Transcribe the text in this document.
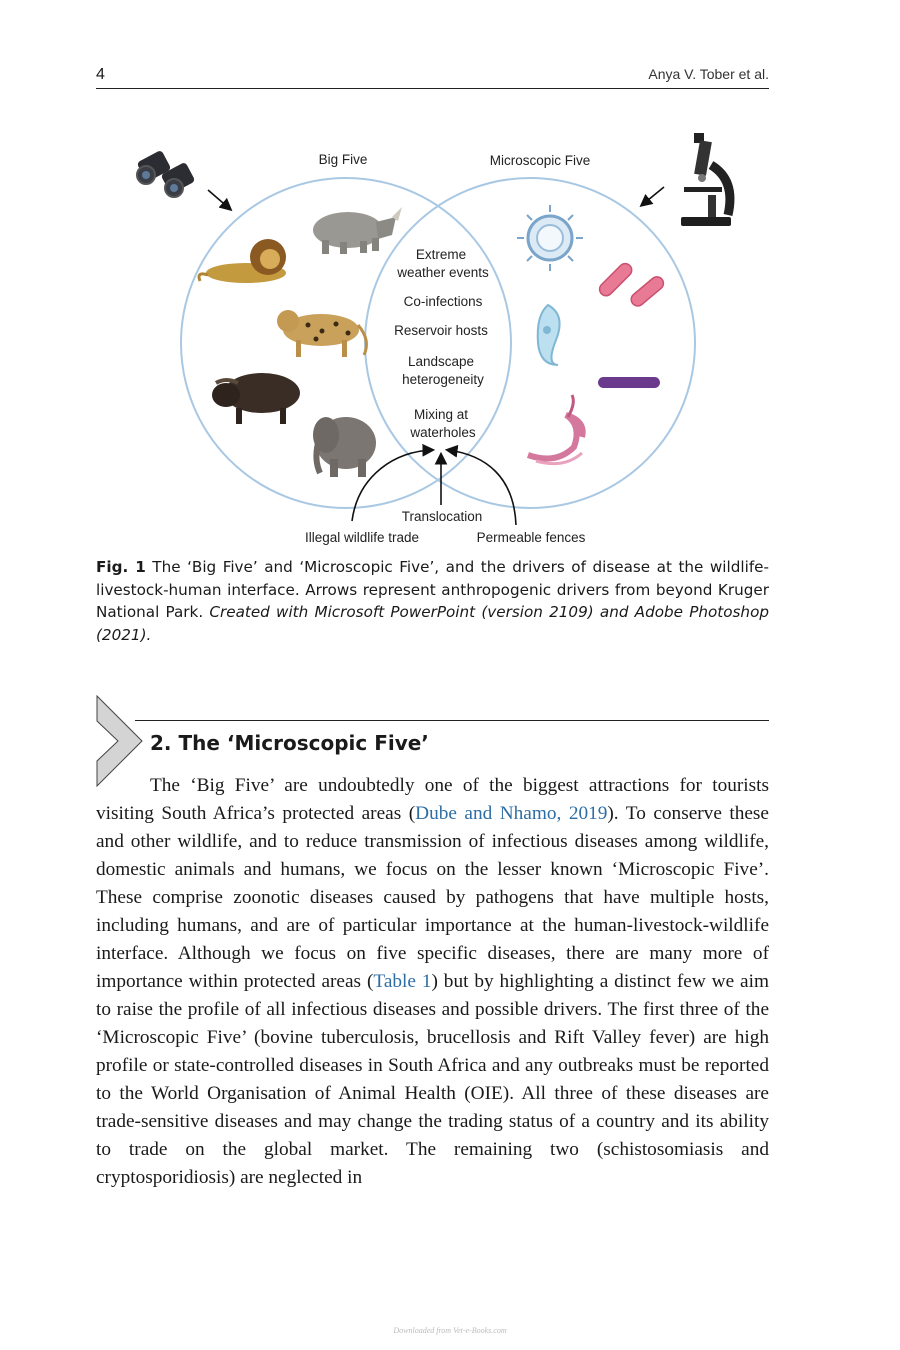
4	Anya V. Tober et al.
Big Five	Microscopic Five
Extreme
weather events
Co-infections
Reservoir hosts
Landscape
heterogeneity
Mixing at
waterholes
Translocation
Illegal wildlife trade	Permeable fences
Fig. 1 The ‘Big Five’ and ‘Microscopic Five’, and the drivers of disease at the wildlife-livestock-human interface. Arrows represent anthropogenic drivers from beyond Kruger National Park. Created with Microsoft PowerPoint (version 2109) and Adobe Photoshop (2021).
2. The ‘Microscopic Five’
The ‘Big Five’ are undoubtedly one of the biggest attractions for tourists visiting South Africa’s protected areas (Dube and Nhamo, 2019). To conserve these and other wildlife, and to reduce transmission of infectious diseases among wildlife, domestic animals and humans, we focus on the lesser known ‘Microscopic Five’. These comprise zoonotic diseases caused by pathogens that have multiple hosts, including humans, and are of particular importance at the human-livestock-wildlife interface. Although we focus on five specific diseases, there are many more of importance within protected areas (Table 1) but by highlighting a distinct few we aim to raise the profile of all infectious diseases and possible drivers. The first three of the ‘Microscopic Five’ (bovine tuberculosis, brucellosis and Rift Valley fever) are high profile or state-controlled diseases in South Africa and any outbreaks must be reported to the World Organisation of Animal Health (OIE). All three of these diseases are trade-sensitive diseases and may change the trading status of a country and its ability to trade on the global market. The remaining two (schistosomiasis and cryptosporidiosis) are neglected in
Downloaded from Vet-e-Books.com
